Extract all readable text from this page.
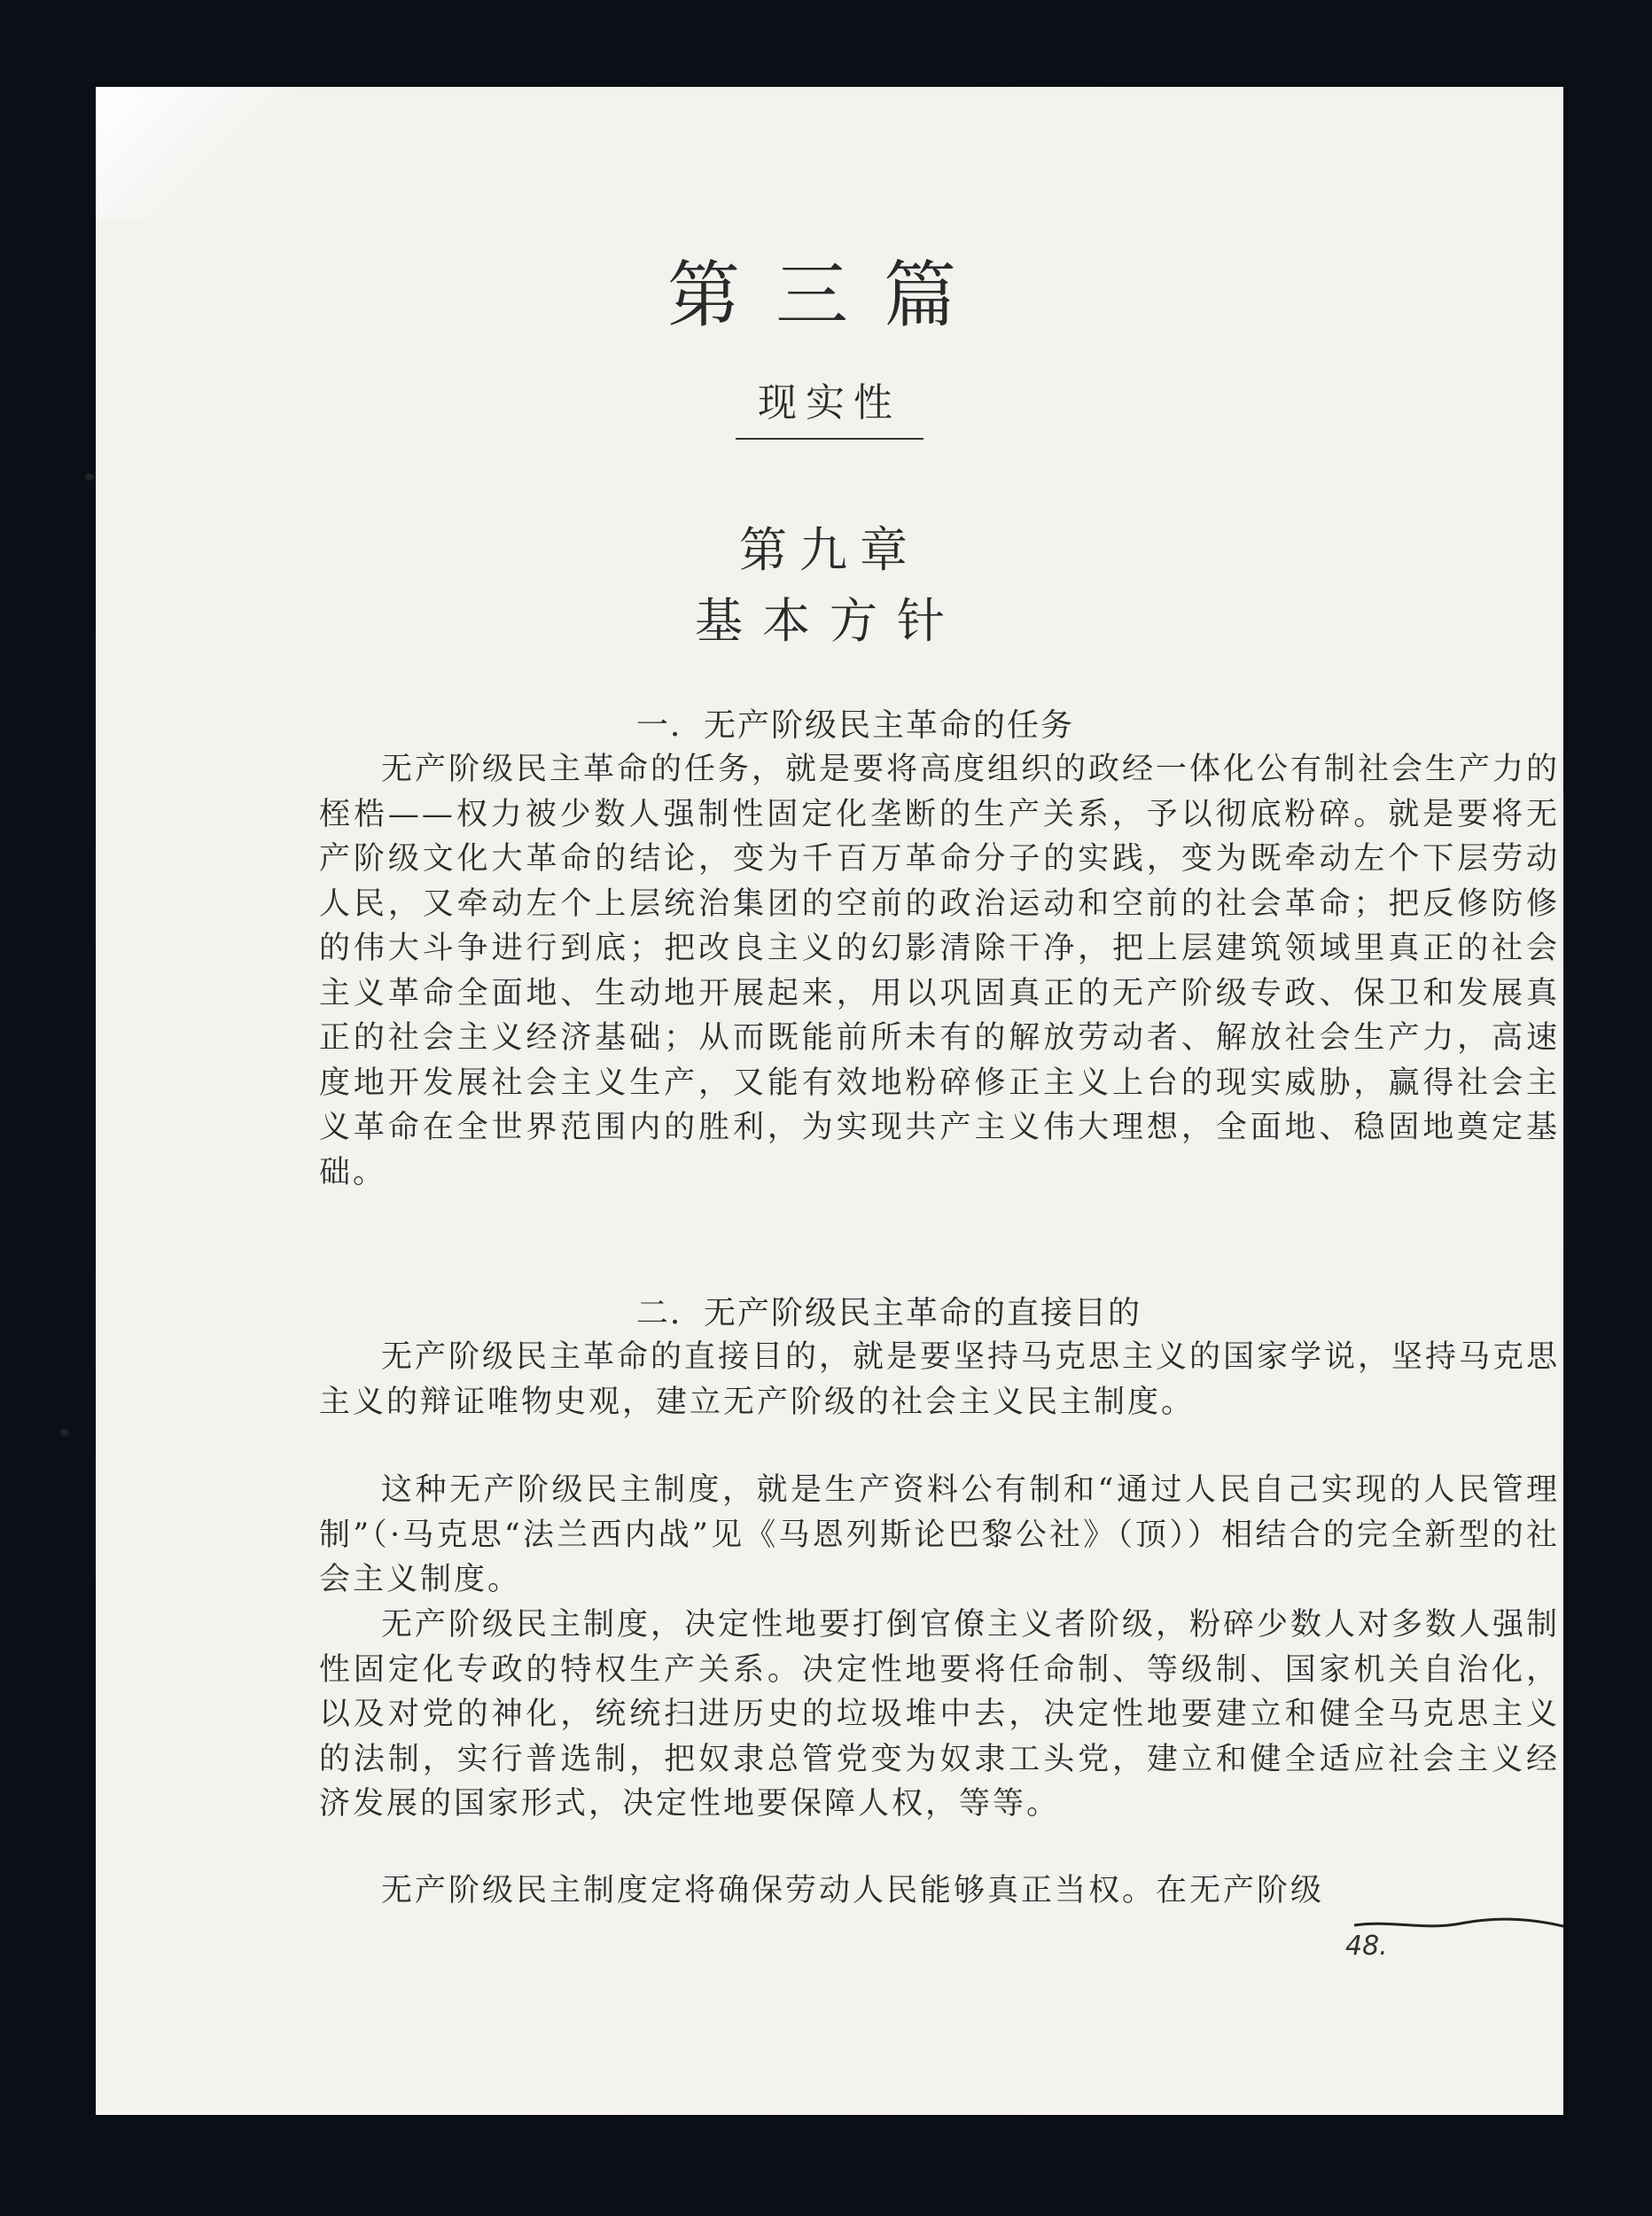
第三篇
现实性
第九章
基本方针
一．无产阶级民主革命的任务

无产阶级民主革命的任务，就是要将高度组织的政经一体化公有制社会生产力的桎梏——权力被少数人强制性固定化垄断的生产关系，予以彻底粉碎。就是要将无产阶级文化大革命的结论，变为千百万革命分子的实践，变为既牵动左个下层劳动人民，又牵动左个上层统治集团的空前的政治运动和空前的社会革命；把反修防修的伟大斗争进行到底；把改良主义的幻影清除干净，把上层建筑领域里真正的社会主义革命全面地、生动地开展起来，用以巩固真正的无产阶级专政、保卫和发展真正的社会主义经济基础；从而既能前所未有的解放劳动者、解放社会生产力，高速度地开发展社会主义生产，又能有效地粉碎修正主义上台的现实威胁，赢得社会主义革命在全世界范围内的胜利，为实现共产主义伟大理想，全面地、稳固地奠定基础。

二．无产阶级民主革命的直接目的

无产阶级民主革命的直接目的，就是要坚持马克思主义的国家学说，坚持马克思主义的辩证唯物史观，建立无产阶级的社会主义民主制度。

这种无产阶级民主制度，就是生产资料公有制和“通过人民自己实现的人民管理制”（·马克思“法兰西内战”见《马恩列斯论巴黎公社》（顶））相结合的完全新型的社会主义制度。

无产阶级民主制度，决定性地要打倒官僚主义者阶级，粉碎少数人对多数人强制性固定化专政的特权生产关系。决定性地要将任命制、等级制、国家机关自治化，以及对党的神化，统统扫进历史的垃圾堆中去，决定性地要建立和健全马克思主义的法制，实行普选制，把奴隶总管党变为奴隶工头党，建立和健全适应社会主义经济发展的国家形式，决定性地要保障人权，等等。

无产阶级民主制度定将确保劳动人民能够真正当权。在无产阶级

48.
